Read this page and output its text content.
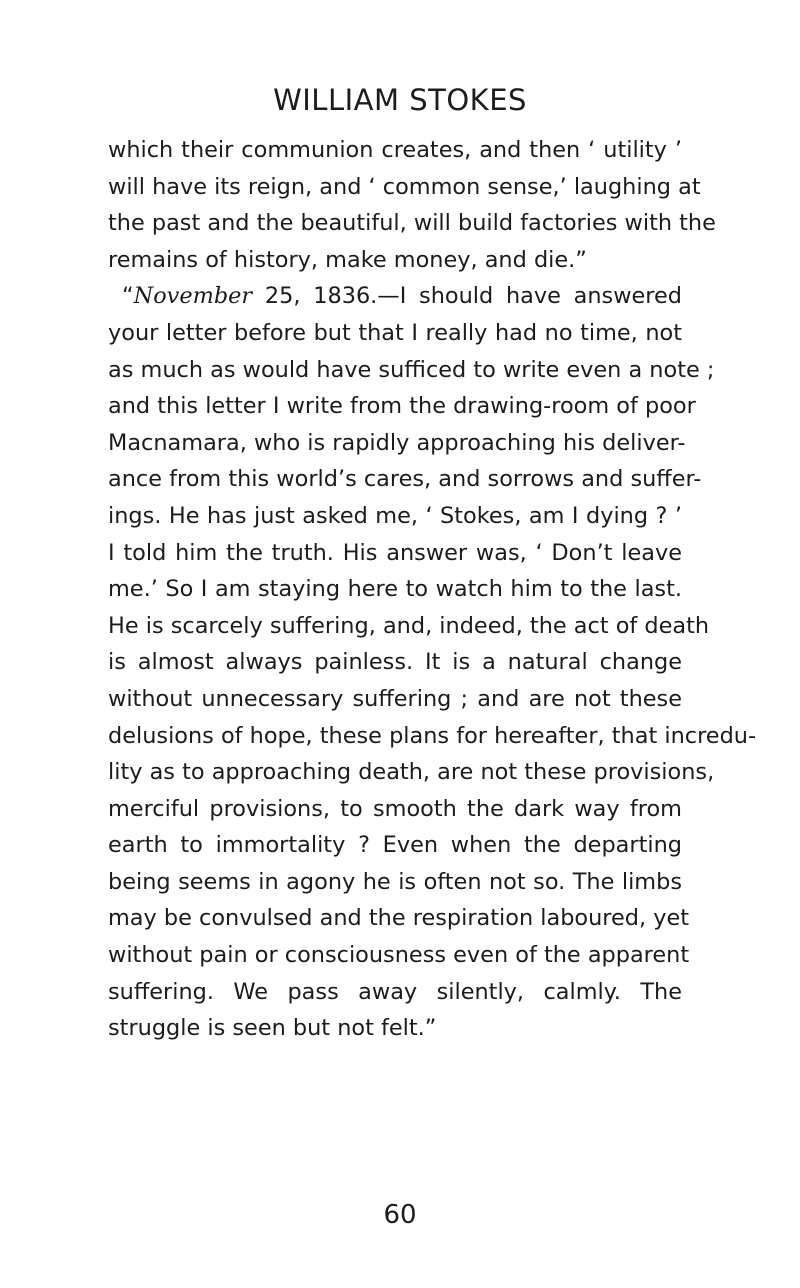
WILLIAM STOKES
which their communion creates, and then ‘ utility ’
will have its reign, and ‘ common sense,’ laughing at
the past and the beautiful, will build factories with the
remains of history, make money, and die.”
“November 25, 1836.—I should have answered
your letter before but that I really had no time, not
as much as would have sufficed to write even a note ;
and this letter I write from the drawing-room of poor
Macnamara, who is rapidly approaching his deliver-
ance from this world’s cares, and sorrows and suffer-
ings. He has just asked me, ‘ Stokes, am I dying ? ’
I told him the truth. His answer was, ‘ Don’t leave
me.’ So I am staying here to watch him to the last.
He is scarcely suffering, and, indeed, the act of death
is almost always painless. It is a natural change
without unnecessary suffering ; and are not these
delusions of hope, these plans for hereafter, that incredu-
lity as to approaching death, are not these provisions,
merciful provisions, to smooth the dark way from
earth to immortality ? Even when the departing
being seems in agony he is often not so. The limbs
may be convulsed and the respiration laboured, yet
without pain or consciousness even of the apparent
suffering. We pass away silently, calmly. The
struggle is seen but not felt.”
60
